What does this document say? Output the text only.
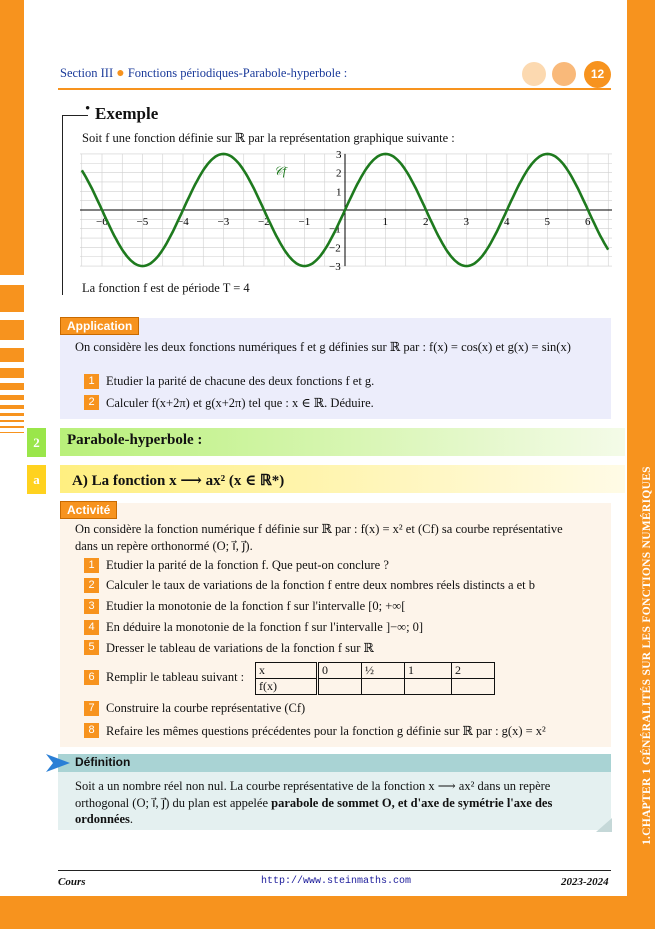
1.CHAPTER 1 GÉNÉRALITÉS SUR LES FONCTIONS NUMÉRIQUES
Section III ● Fonctions périodiques-Parabole-hyperbole :	12
• Exemple
Soit f une fonction définie sur ℝ par la représentation graphique suivante :
−6	−5	−4	−3	−2	−1	1	2	3	4	5	6
3
2
1
−1
−2
−3
𝒞f
La fonction f est de période T = 4
Application
On considère les deux fonctions numériques f et g définies sur ℝ par : f(x) = cos(x) et g(x) = sin(x)
1 Etudier la parité de chacune des deux fonctions f et g.
2 Calculer f(x+2π) et g(x+2π) tel que : x ∈ ℝ. Déduire.
2	Parabole-hyperbole :
a	A) La fonction x ⟶ ax² (x ∈ ℝ*)
Activité
On considère la fonction numérique f définie sur ℝ par : f(x) = x² et (Cf) sa courbe représentative
dans un repère orthonormé (O; i⃗, j⃗).
1 Etudier la parité de la fonction f. Que peut-on conclure ?
2 Calculer le taux de variations de la fonction f entre deux nombres réels distincts a et b
3 Etudier la monotonie de la fonction f sur l'intervalle [0; +∞[
4 En déduire la monotonie de la fonction f sur l'intervalle ]−∞; 0]
5 Dresser le tableau de variations de la fonction f sur ℝ
6 Remplir le tableau suivant : x	0	½	1	2
f(x)				
7 Construire la courbe représentative (Cf)
8 Refaire les mêmes questions précédentes pour la fonction g définie sur ℝ par : g(x) = x²
Définition
Soit a un nombre réel non nul. La courbe représentative de la fonction x ⟶ ax² dans un repère
orthogonal (O; i⃗, j⃗) du plan est appelée parabole de sommet O, et d'axe de symétrie l'axe des
ordonnées.
Cours	http://www.steinmaths.com	2023-2024
